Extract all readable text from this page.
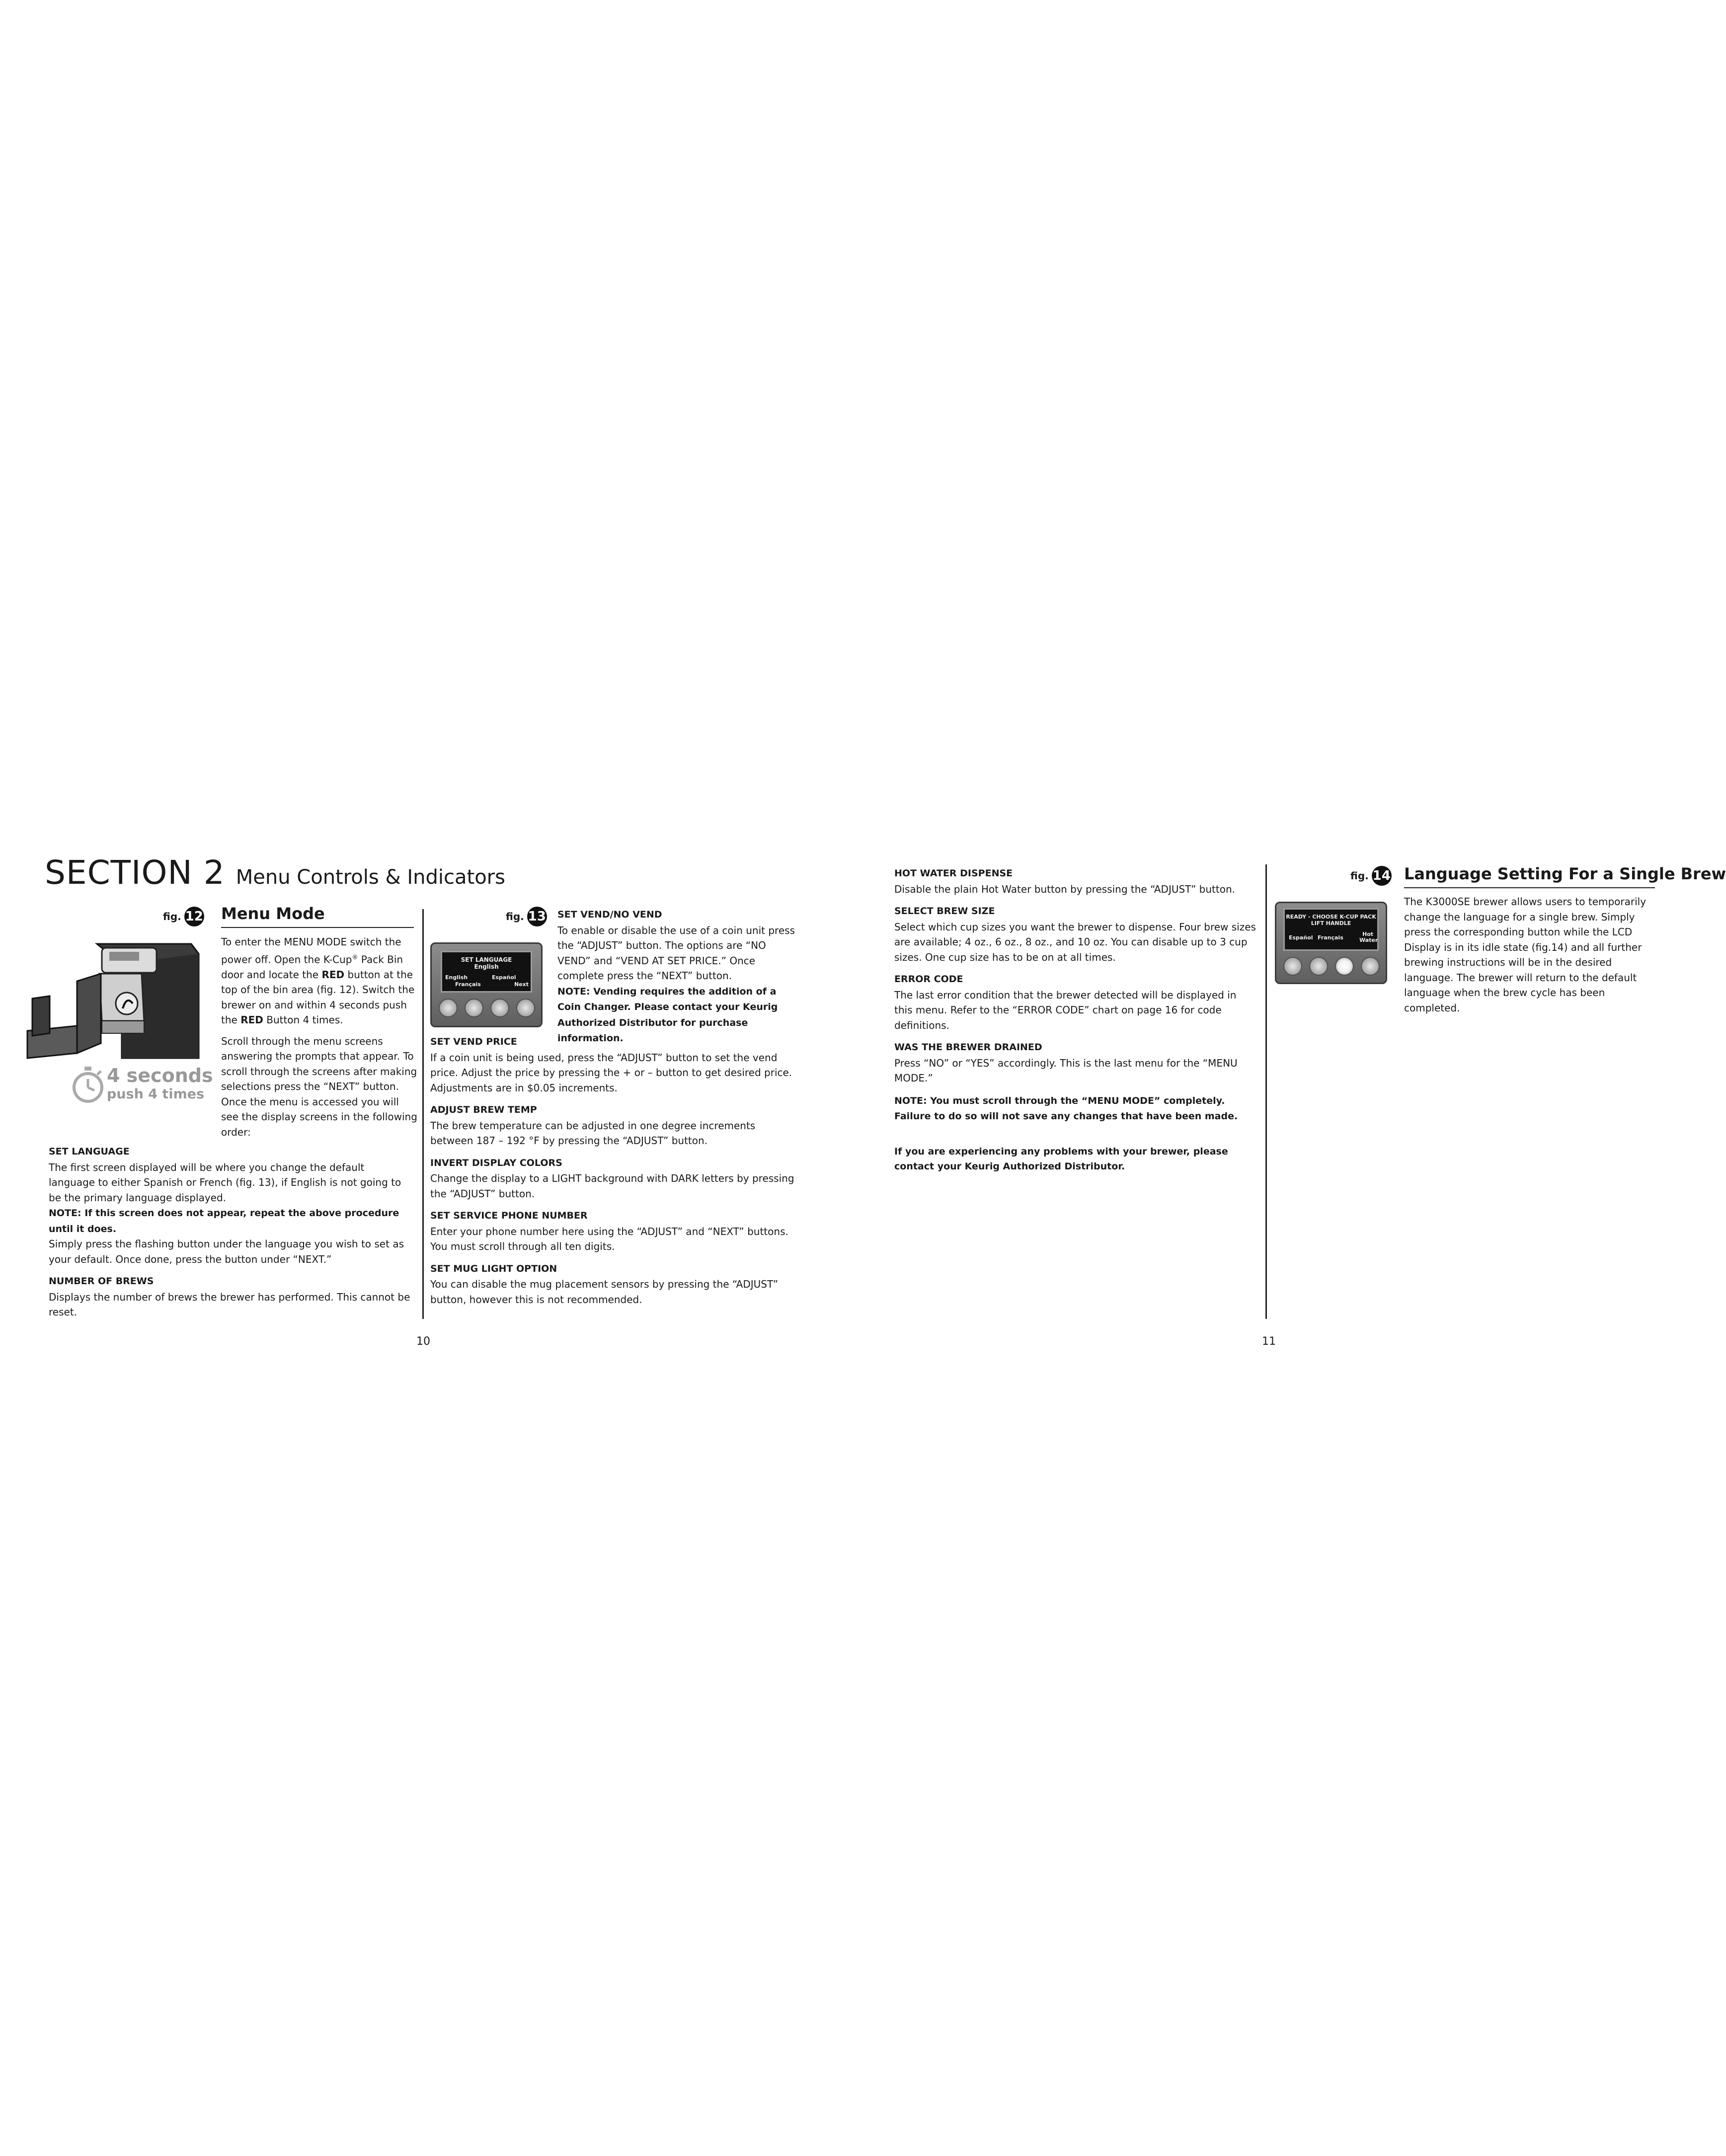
SECTION 2 Menu Controls & Indicators
fig. 12
4 seconds
push 4 times
Menu Mode

To enter the MENU MODE switch the power off. Open the K-Cup® Pack Bin door and locate the RED button at the top of the bin area (fig. 12). Switch the brewer on and within 4 seconds push the RED Button 4 times.

Scroll through the menu screens answering the prompts that appear. To scroll through the screens after making selections press the “NEXT” button. Once the menu is accessed you will see the display screens in the following order:

SET LANGUAGE
The first screen displayed will be where you change the default language to either Spanish or French (fig. 13), if English is not going to be the primary language displayed.
NOTE: If this screen does not appear, repeat the above procedure until it does.
Simply press the flashing button under the language you wish to set as your default. Once done, press the button under “NEXT.”
NUMBER OF BREWS
Displays the number of brews the brewer has performed. This cannot be reset.
fig. 13
SET LANGUAGE
English
English
Français
Español
Next
SET VEND/NO VEND
To enable or disable the use of a coin unit press the “ADJUST” button. The options are “NO VEND” and “VEND AT SET PRICE.” Once complete press the “NEXT” button.
NOTE: Vending requires the addition of a Coin Changer. Please contact your Keurig Authorized Distributor for purchase information.
SET VEND PRICE
If a coin unit is being used, press the “ADJUST” button to set the vend price. Adjust the price by pressing the + or – button to get desired price. Adjustments are in $0.05 increments.
ADJUST BREW TEMP
The brew temperature can be adjusted in one degree increments between 187 – 192 °F by pressing the “ADJUST” button.
INVERT DISPLAY COLORS
Change the display to a LIGHT background with DARK letters by pressing the “ADJUST” button.
SET SERVICE PHONE NUMBER
Enter your phone number here using the “ADJUST” and “NEXT” buttons. You must scroll through all ten digits.
SET MUG LIGHT OPTION
You can disable the mug placement sensors by pressing the “ADJUST” button, however this is not recommended.
10
HOT WATER DISPENSE
Disable the plain Hot Water button by pressing the “ADJUST” button.
SELECT BREW SIZE
Select which cup sizes you want the brewer to dispense. Four brew sizes are available; 4 oz., 6 oz., 8 oz., and 10 oz. You can disable up to 3 cup sizes. One cup size has to be on at all times.
ERROR CODE
The last error condition that the brewer detected will be displayed in this menu. Refer to the “ERROR CODE” chart on page 16 for code definitions.
WAS THE BREWER DRAINED
Press “NO” or “YES” accordingly. This is the last menu for the “MENU MODE.”
NOTE: You must scroll through the “MENU MODE” completely. Failure to do so will not save any changes that have been made.
If you are experiencing any problems with your brewer, please contact your Keurig Authorized Distributor.
fig. 14
READY - CHOOSE K-CUP PACK
LIFT HANDLE
Español Français
Hot Water
Language Setting For a Single Brew
The K3000SE brewer allows users to temporarily change the language for a single brew. Simply press the corresponding button while the LCD Display is in its idle state (fig.14) and all further brewing instructions will be in the desired language. The brewer will return to the default language when the brew cycle has been completed.
11
